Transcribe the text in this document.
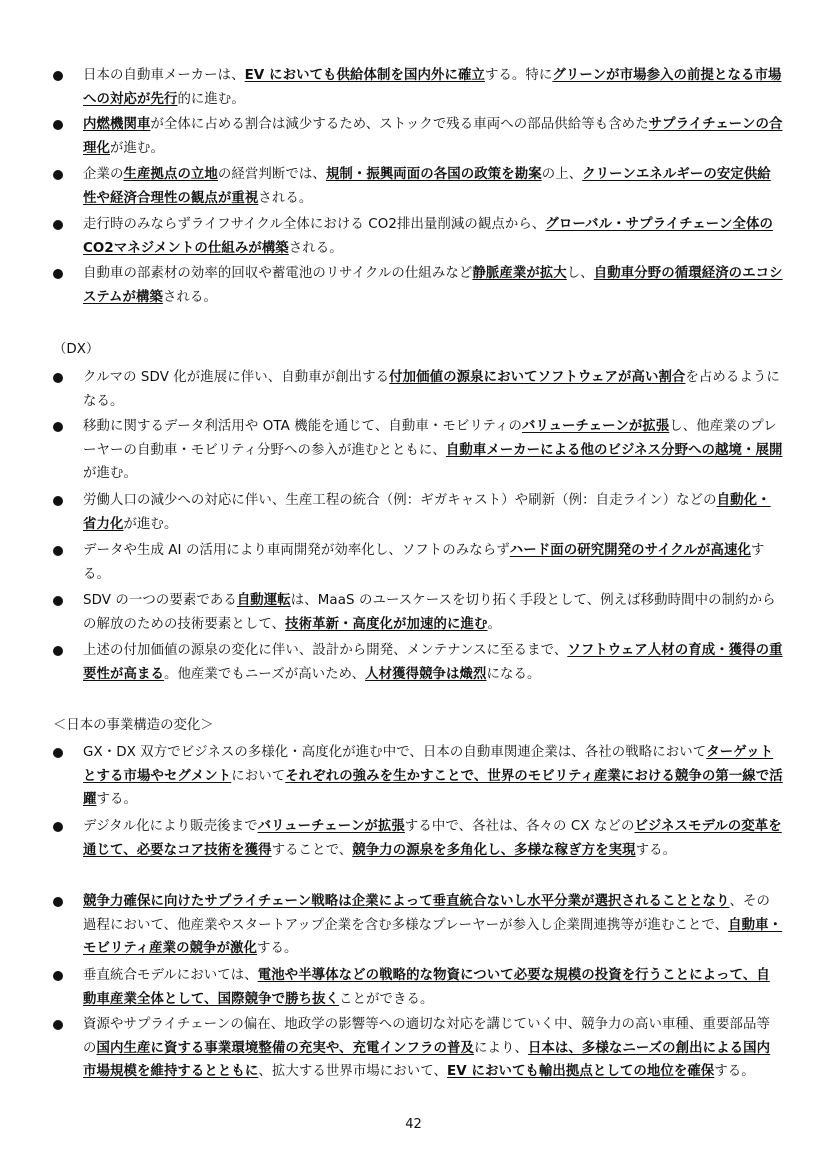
日本の自動車メーカーは、EV においても供給体制を国内外に確立する。特にグリーンが市場参入の前提となる市場への対応が先行的に進む。
内燃機関車が全体に占める割合は減少するため、ストックで残る車両への部品供給等も含めたサプライチェーンの合理化が進む。
企業の生産拠点の立地の経営判断では、規制・振興両面の各国の政策を勘案の上、クリーンエネルギーの安定供給性や経済合理性の観点が重視される。
走行時のみならずライフサイクル全体における CO2排出量削減の観点から、グローバル・サプライチェーン全体の CO2マネジメントの仕組みが構築される。
自動車の部素材の効率的回収や蓄電池のリサイクルの仕組みなど静脈産業が拡大し、自動車分野の循環経済のエコシステムが構築される。
（DX）
クルマの SDV 化が進展に伴い、自動車が創出する付加価値の源泉においてソフトウェアが高い割合を占めるようになる。
移動に関するデータ利活用や OTA 機能を通じて、自動車・モビリティのバリューチェーンが拡張し、他産業のプレーヤーの自動車・モビリティ分野への参入が進むとともに、自動車メーカーによる他のビジネス分野への越境・展開が進む。
労働人口の減少への対応に伴い、生産工程の統合（例：ギガキャスト）や刷新（例：自走ライン）などの自動化・省力化が進む。
データや生成 AI の活用により車両開発が効率化し、ソフトのみならずハード面の研究開発のサイクルが高速化する。
SDV の一つの要素である自動運転は、MaaS のユースケースを切り拓く手段として、例えば移動時間中の制約からの解放のための技術要素として、技術革新・高度化が加速的に進む。
上述の付加価値の源泉の変化に伴い、設計から開発、メンテナンスに至るまで、ソフトウェア人材の育成・獲得の重要性が高まる。他産業でもニーズが高いため、人材獲得競争は熾烈になる。
＜日本の事業構造の変化＞
GX・DX 双方でビジネスの多様化・高度化が進む中で、日本の自動車関連企業は、各社の戦略においてターゲットとする市場やセグメントにおいてそれぞれの強みを生かすことで、世界のモビリティ産業における競争の第一線で活躍する。
デジタル化により販売後までバリューチェーンが拡張する中で、各社は、各々の CX などのビジネスモデルの変革を通じて、必要なコア技術を獲得することで、競争力の源泉を多角化し、多様な稼ぎ方を実現する。
競争力確保に向けたサプライチェーン戦略は企業によって垂直統合ないし水平分業が選択されることとなり、その過程において、他産業やスタートアップ企業を含む多様なプレーヤーが参入し企業間連携等が進むことで、自動車・モビリティ産業の競争が激化する。
垂直統合モデルにおいては、電池や半導体などの戦略的な物資について必要な規模の投資を行うことによって、自動車産業全体として、国際競争で勝ち抜くことができる。
資源やサプライチェーンの偏在、地政学の影響等への適切な対応を講じていく中、競争力の高い車種、重要部品等の国内生産に資する事業環境整備の充実や、充電インフラの普及により、日本は、多様なニーズの創出による国内市場規模を維持するとともに、拡大する世界市場において、EV においても輸出拠点としての地位を確保する。
42
